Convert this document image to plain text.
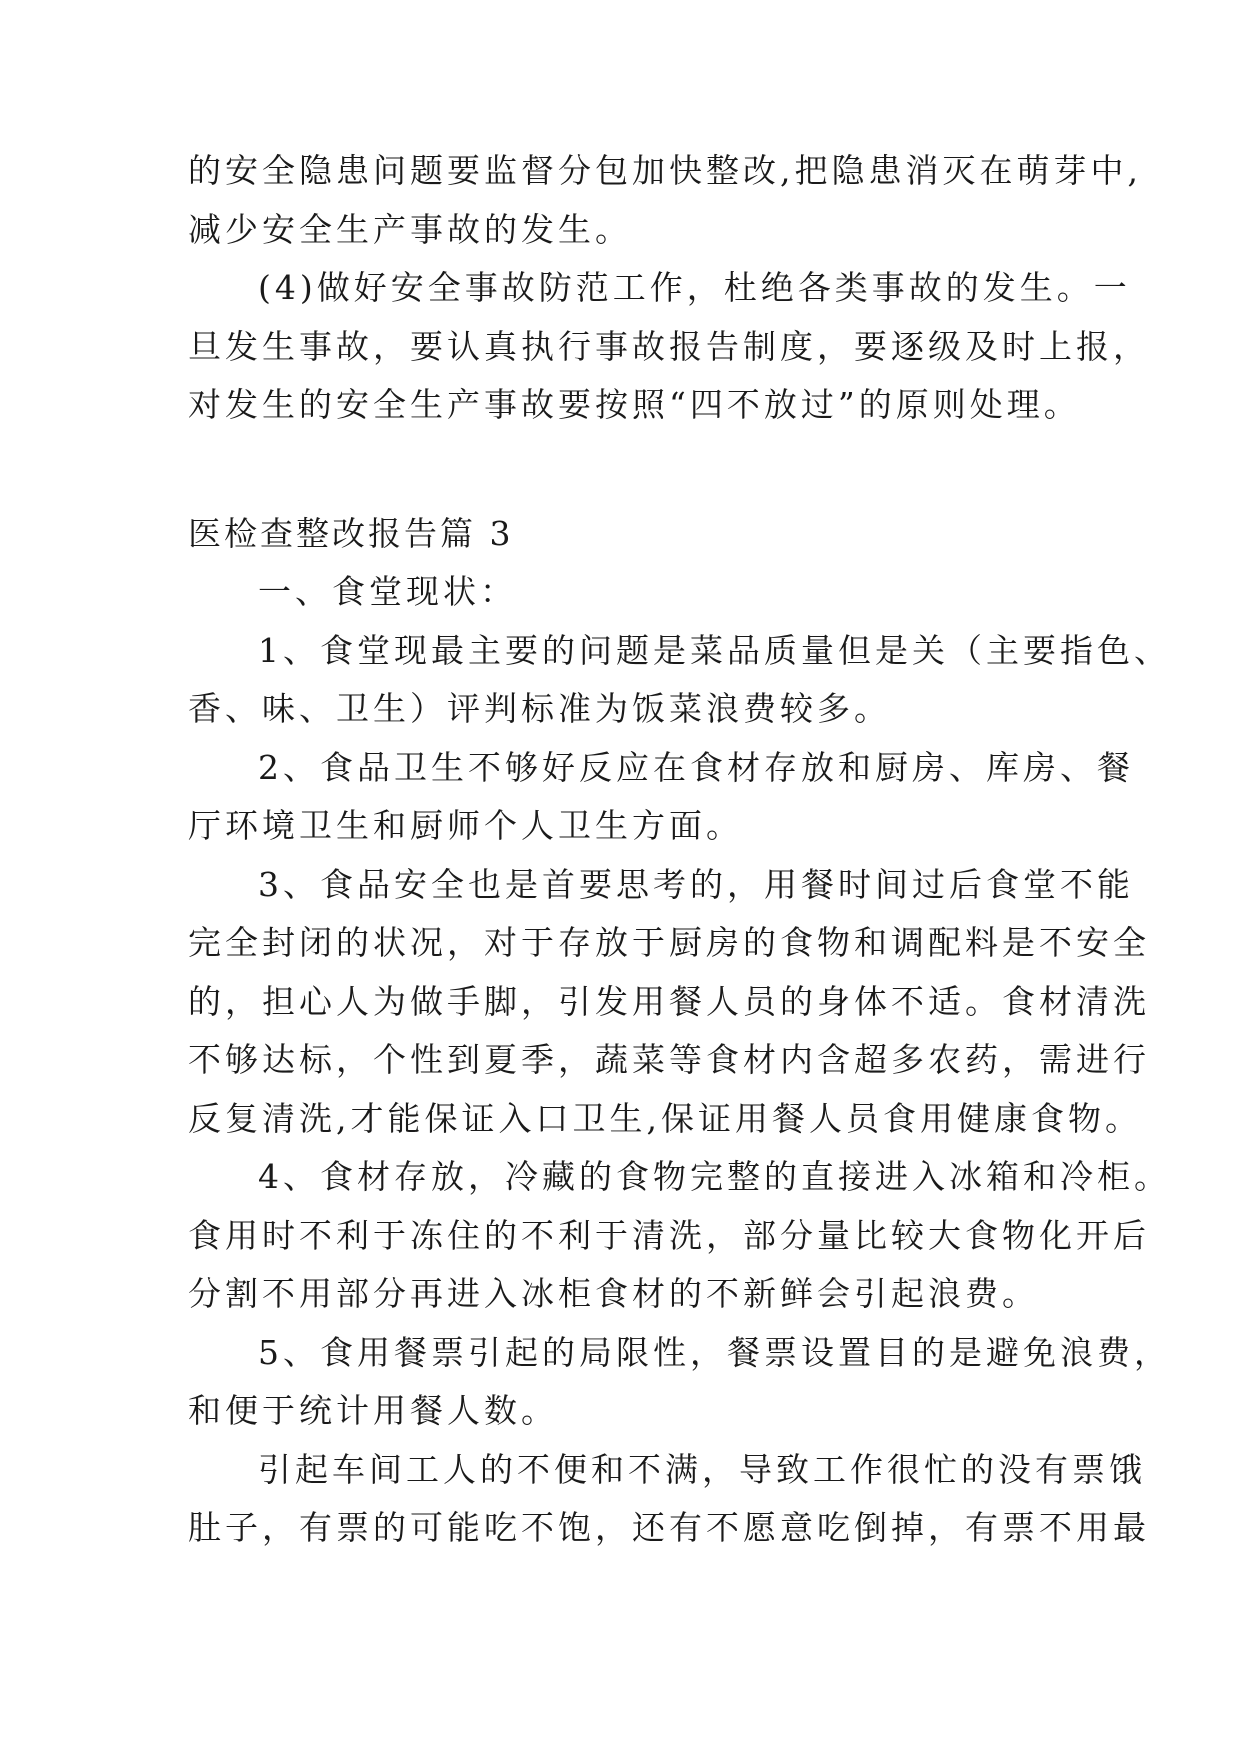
的安全隐患问题要监督分包加快整改,把隐患消灭在萌芽中,
减少安全生产事故的发生。
(4)做好安全事故防范工作，杜绝各类事故的发生。一
旦发生事故，要认真执行事故报告制度，要逐级及时上报，
对发生的安全生产事故要按照“四不放过”的原则处理。
医检查整改报告篇 3
一、食堂现状：
1、食堂现最主要的问题是菜品质量但是关（主要指色、
香、味、卫生）评判标准为饭菜浪费较多。
2、食品卫生不够好反应在食材存放和厨房、库房、餐
厅环境卫生和厨师个人卫生方面。
3、食品安全也是首要思考的，用餐时间过后食堂不能
完全封闭的状况，对于存放于厨房的食物和调配料是不安全
的，担心人为做手脚，引发用餐人员的身体不适。食材清洗
不够达标，个性到夏季，蔬菜等食材内含超多农药，需进行
反复清洗,才能保证入口卫生,保证用餐人员食用健康食物。
4、食材存放，冷藏的食物完整的直接进入冰箱和冷柜。
食用时不利于冻住的不利于清洗，部分量比较大食物化开后
分割不用部分再进入冰柜食材的不新鲜会引起浪费。
5、食用餐票引起的局限性，餐票设置目的是避免浪费，
和便于统计用餐人数。
引起车间工人的不便和不满，导致工作很忙的没有票饿
肚子，有票的可能吃不饱，还有不愿意吃倒掉，有票不用最
